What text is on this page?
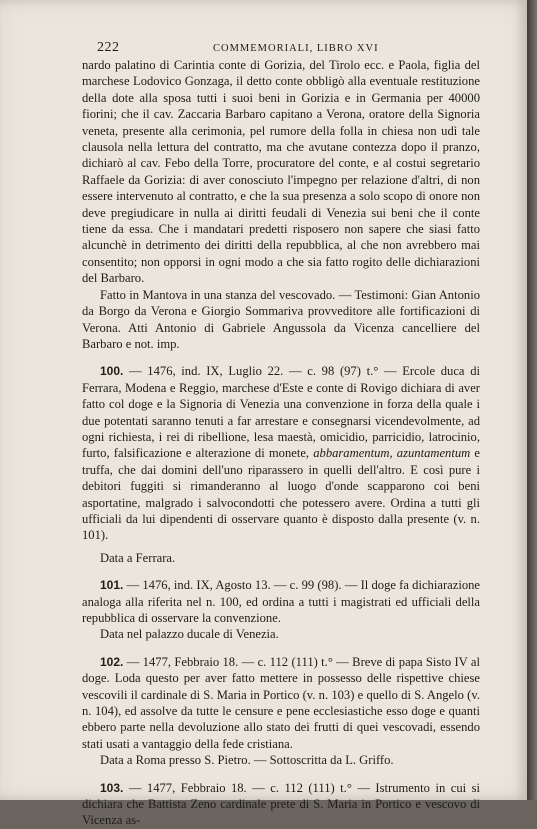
222	COMMEMORIALI, LIBRO XVI

nardo palatino di Carintia conte di Gorizia, del Tirolo ecc. e Paola, figlia del marchese Lodovico Gonzaga, il detto conte obbligò alla eventuale restituzione della dote alla sposa tutti i suoi beni in Gorizia e in Germania per 40000 fiorini; che il cav. Zaccaria Barbaro capitano a Verona, oratore della Signoria veneta, presente alla cerimonia, pel rumore della folla in chiesa non udì tale clausola nella lettura del contratto, ma che avutane contezza dopo il pranzo, dichiarò al cav. Febo della Torre, procuratore del conte, e al costui segretario Raffaele da Gorizia: di aver conosciuto l'impegno per relazione d'altri, di non essere intervenuto al contratto, e che la sua presenza a solo scopo di onore non deve pregiudicare in nulla ai diritti feudali di Venezia sui beni che il conte tiene da essa. Che i mandatari predetti risposero non sapere che siasi fatto alcunchè in detrimento dei diritti della repubblica, al che non avrebbero mai consentito; non opporsi in ogni modo a che sia fatto rogito delle dichiarazioni del Barbaro.

Fatto in Mantova in una stanza del vescovado. — Testimoni: Gian Antonio da Borgo da Verona e Giorgio Sommariva provveditore alle fortificazioni di Verona. Atti Antonio di Gabriele Angussola da Vicenza cancelliere del Barbaro e not. imp.

100. — 1476, ind. IX, Luglio 22. — c. 98 (97) t.° — Ercole duca di Ferrara, Modena e Reggio, marchese d'Este e conte di Rovigo dichiara di aver fatto col doge e la Signoria di Venezia una convenzione in forza della quale i due potentati saranno tenuti a far arrestare e consegnarsi vicendevolmente, ad ogni richiesta, i rei di ribellione, lesa maestà, omicidio, parricidio, latrocinio, furto, falsificazione e alterazione di monete, abbaramentum, azuntamentum e truffa, che dai domini dell'uno riparassero in quelli dell'altro. E così pure i debitori fuggiti si rimanderanno al luogo d'onde scapparono coi beni asportatine, malgrado i salvocondotti che potessero avere. Ordina a tutti gli ufficiali da lui dipendenti di osservare quanto è disposto dalla presente (v. n. 101).

Data a Ferrara.

101. — 1476, ind. IX, Agosto 13. — c. 99 (98). — Il doge fa dichiarazione analoga alla riferita nel n. 100, ed ordina a tutti i magistrati ed ufficiali della repubblica di osservare la convenzione.

Data nel palazzo ducale di Venezia.

102. — 1477, Febbraio 18. — c. 112 (111) t.° — Breve di papa Sisto IV al doge. Loda questo per aver fatto mettere in possesso delle rispettive chiese vescovili il cardinale di S. Maria in Portico (v. n. 103) e quello di S. Angelo (v. n. 104), ed assolve da tutte le censure e pene ecclesiastiche esso doge e quanti ebbero parte nella devoluzione allo stato dei frutti di quei vescovadi, essendo stati usati a vantaggio della fede cristiana.

Data a Roma presso S. Pietro. — Sottoscritta da L. Griffo.

103. — 1477, Febbraio 18. — c. 112 (111) t.° — Istrumento in cui si dichiara che Battista Zeno cardinale prete di S. Maria in Portico e vescovo di Vicenza as-
